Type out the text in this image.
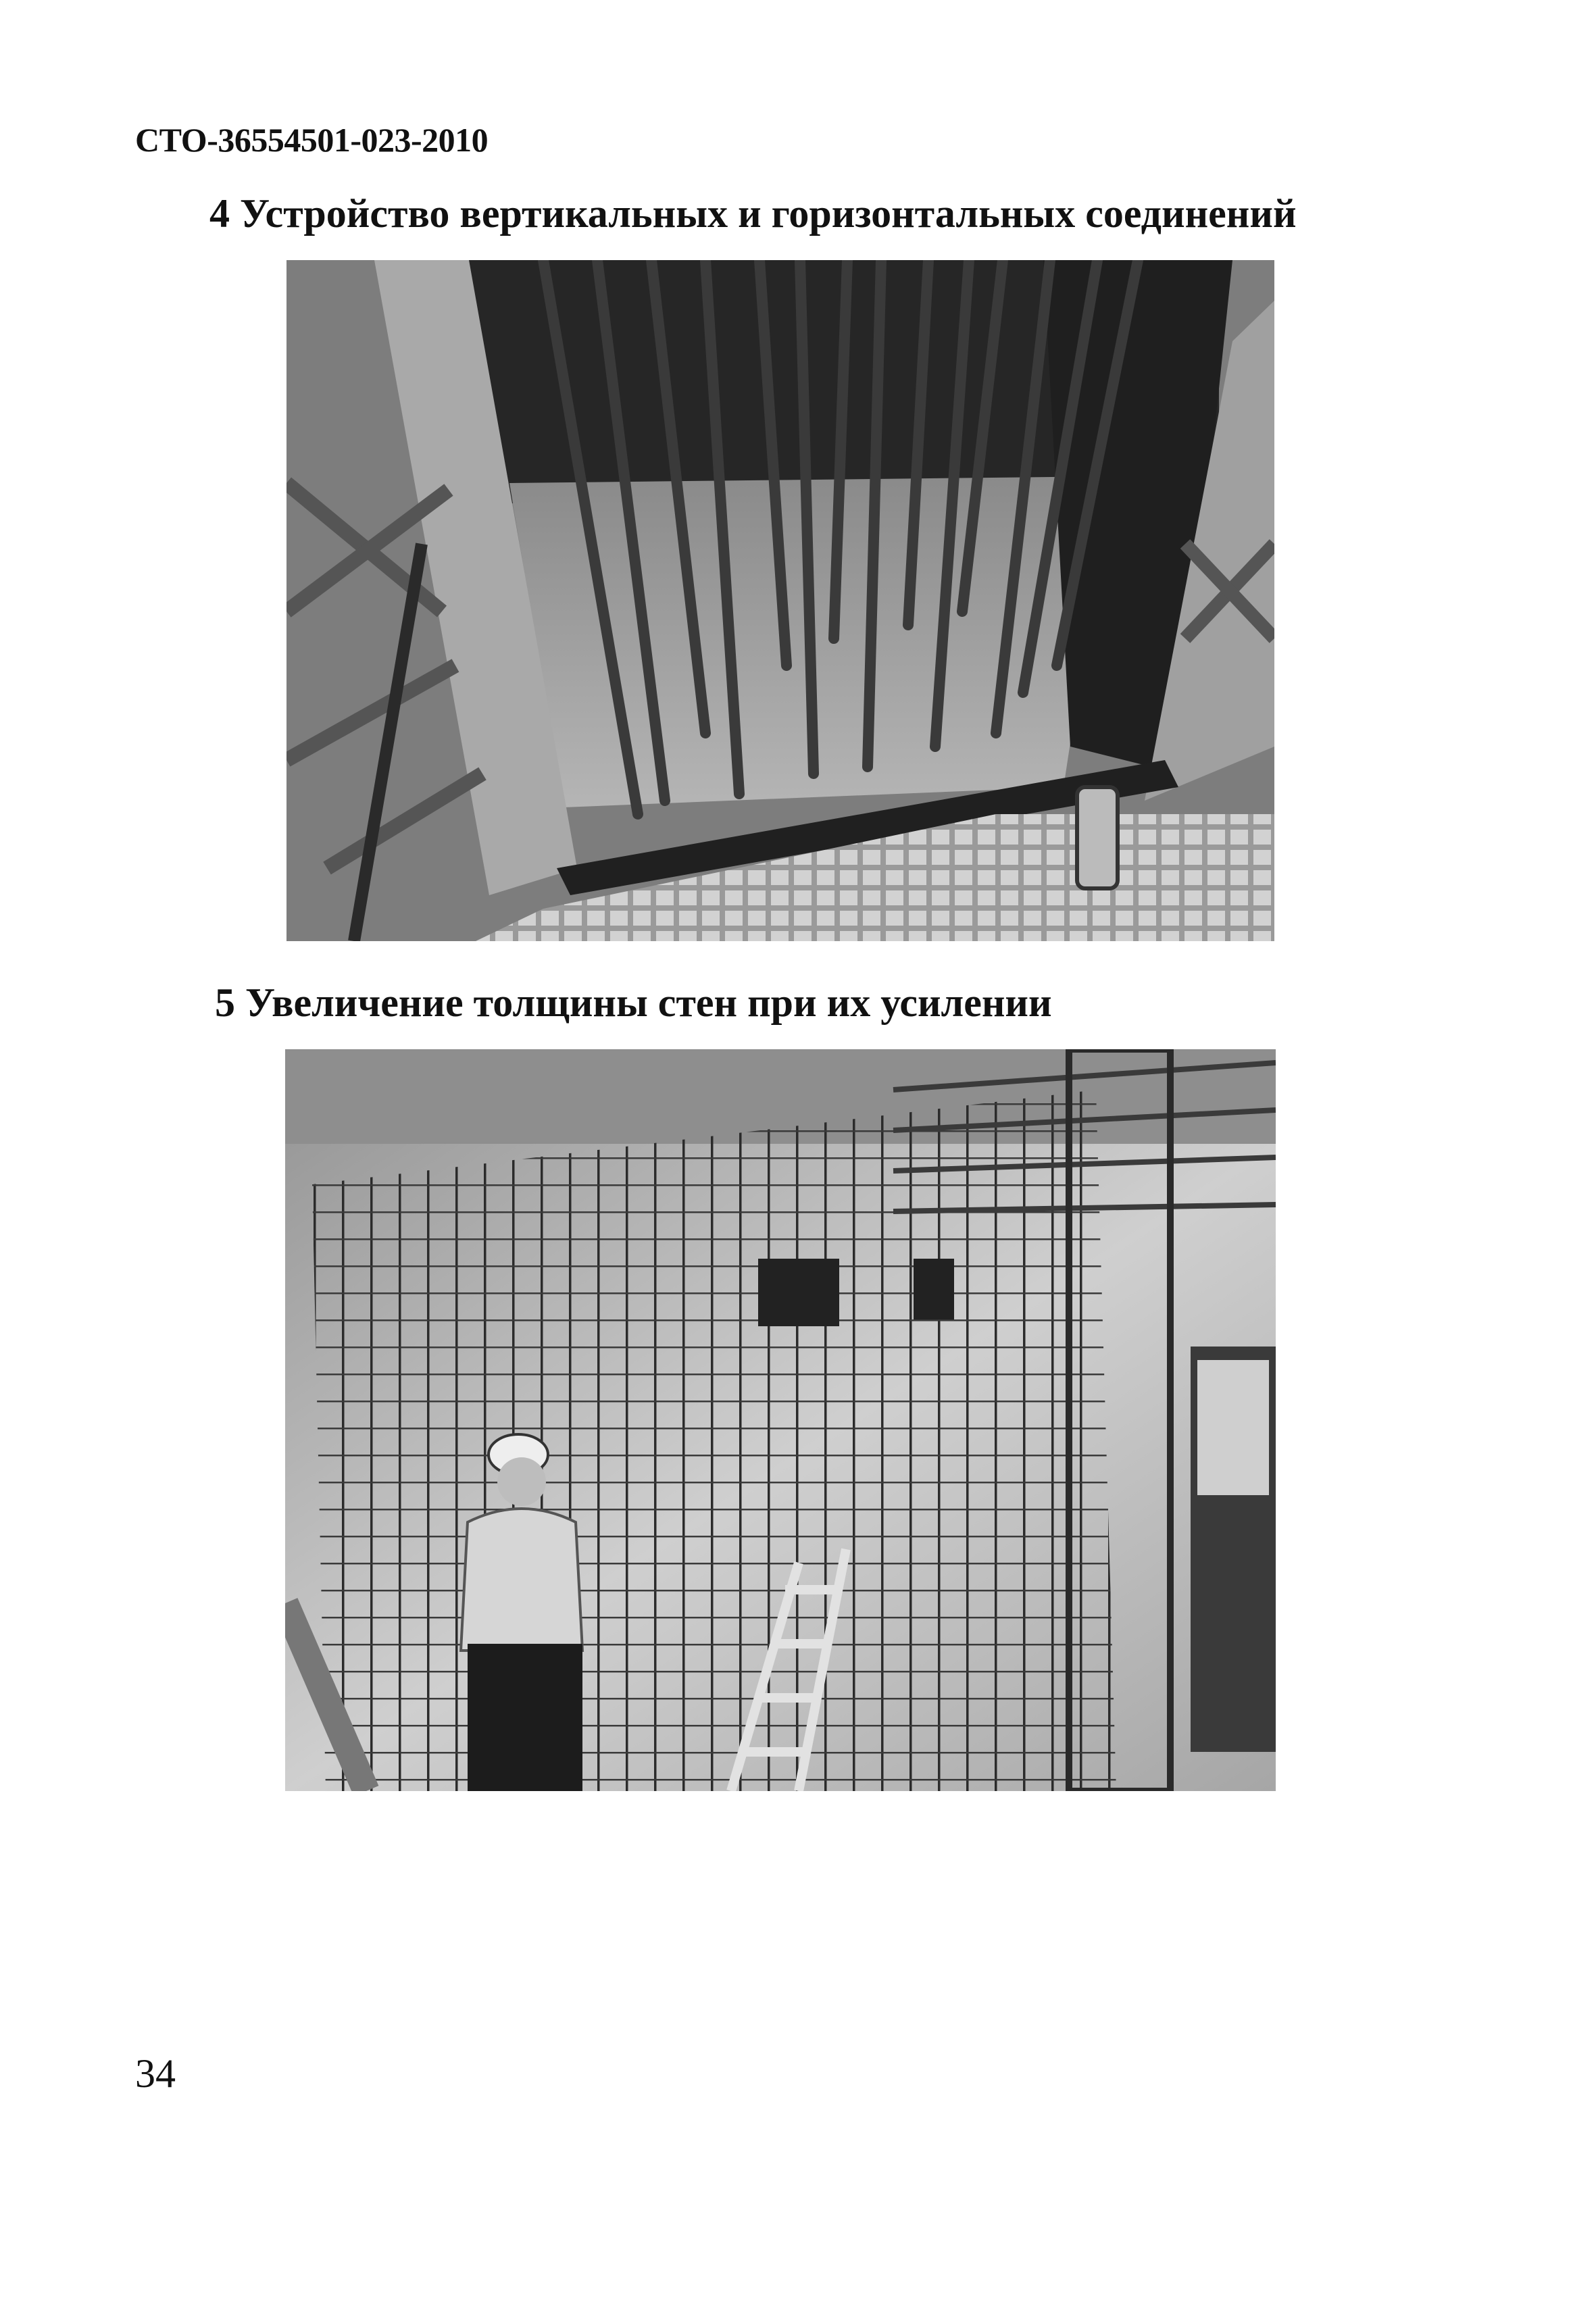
СТО-36554501-023-2010
4 Устройство вертикальных и горизонтальных соединений
5 Увеличение толщины стен при их усилении
34
